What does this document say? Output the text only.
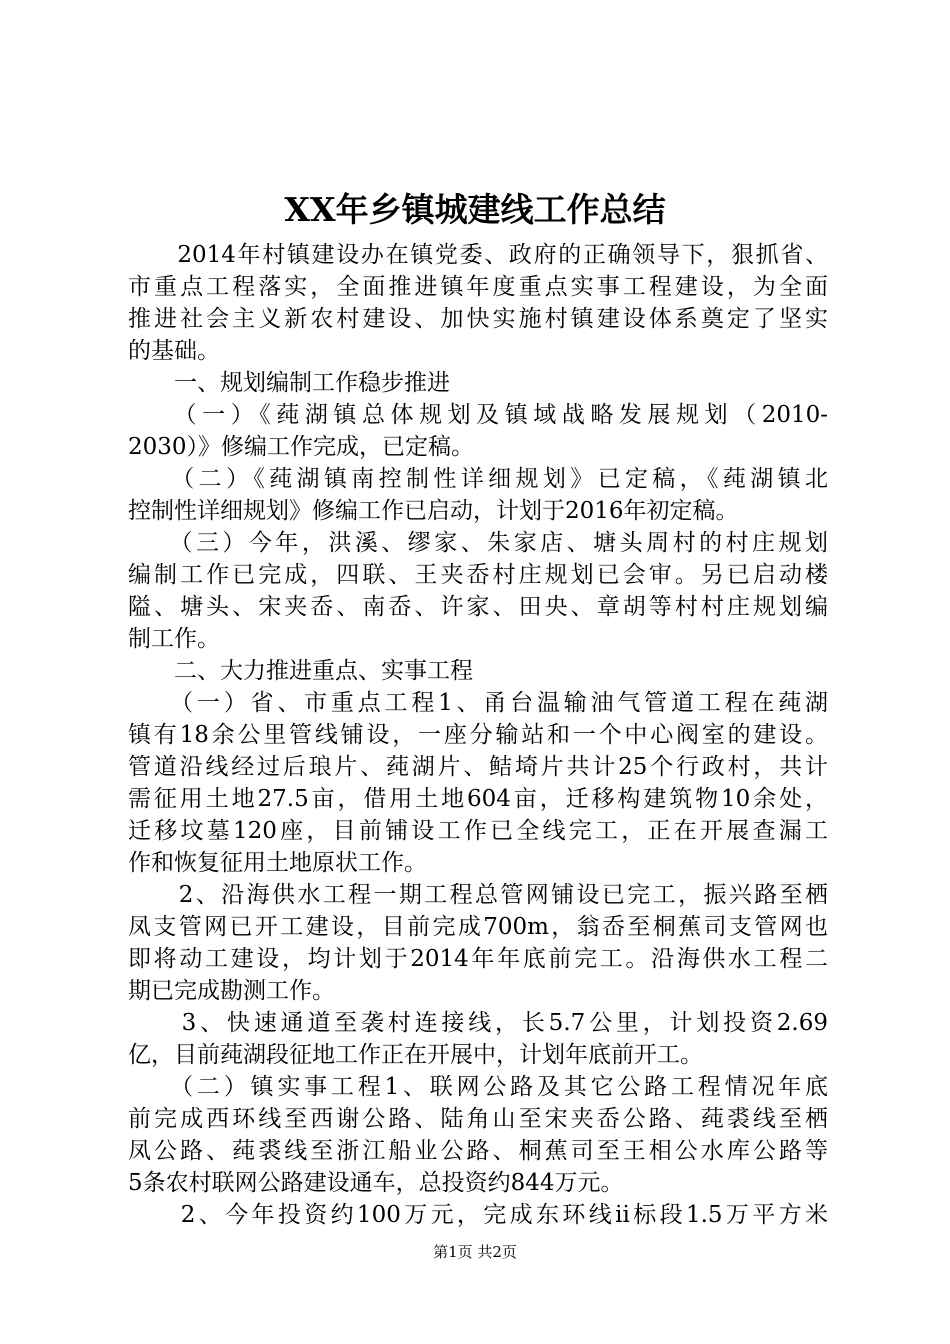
XX年乡镇城建线工作总结
　　2014年村镇建设办在镇党委、政府的正确领导下，狠抓省、
市重点工程落实，全面推进镇年度重点实事工程建设，为全面
推进社会主义新农村建设、加快实施村镇建设体系奠定了坚实
的基础。
　　一、规划编制工作稳步推进
　　（一）《莼湖镇总体规划及镇域战略发展规划（2010-
2030）》修编工作完成，已定稿。
　　（二）《莼湖镇南控制性详细规划》已定稿，《莼湖镇北
控制性详细规划》修编工作已启动，计划于2016年初定稿。
　　（三）今年，洪溪、缪家、朱家店、塘头周村的村庄规划
编制工作已完成，四联、王夹岙村庄规划已会审。另已启动楼
隘、塘头、宋夹岙、南岙、许家、田央、章胡等村村庄规划编
制工作。
　　二、大力推进重点、实事工程
　　（一）省、市重点工程1、甬台温输油气管道工程在莼湖
镇有18余公里管线铺设，一座分输站和一个中心阀室的建设。
管道沿线经过后琅片、莼湖片、鲒埼片共计25个行政村，共计
需征用土地27.5亩，借用土地604亩，迁移构建筑物10余处，
迁移坟墓120座，目前铺设工作已全线完工，正在开展查漏工
作和恢复征用土地原状工作。
　　2、沿海供水工程一期工程总管网铺设已完工，振兴路至栖
凤支管网已开工建设，目前完成700m，翁岙至桐蕉司支管网也
即将动工建设，均计划于2014年年底前完工。沿海供水工程二
期已完成勘测工作。
　　3、快速通道至袭村连接线，长5.7公里，计划投资2.69
亿，目前莼湖段征地工作正在开展中，计划年底前开工。
　　（二）镇实事工程1、联网公路及其它公路工程情况年底
前完成西环线至西谢公路、陆角山至宋夹岙公路、莼裘线至栖
凤公路、莼裘线至浙江船业公路、桐蕉司至王相公水库公路等
5条农村联网公路建设通车，总投资约844万元。
　　2、今年投资约100万元，完成东环线ii标段1.5万平方米
第1页 共2页
